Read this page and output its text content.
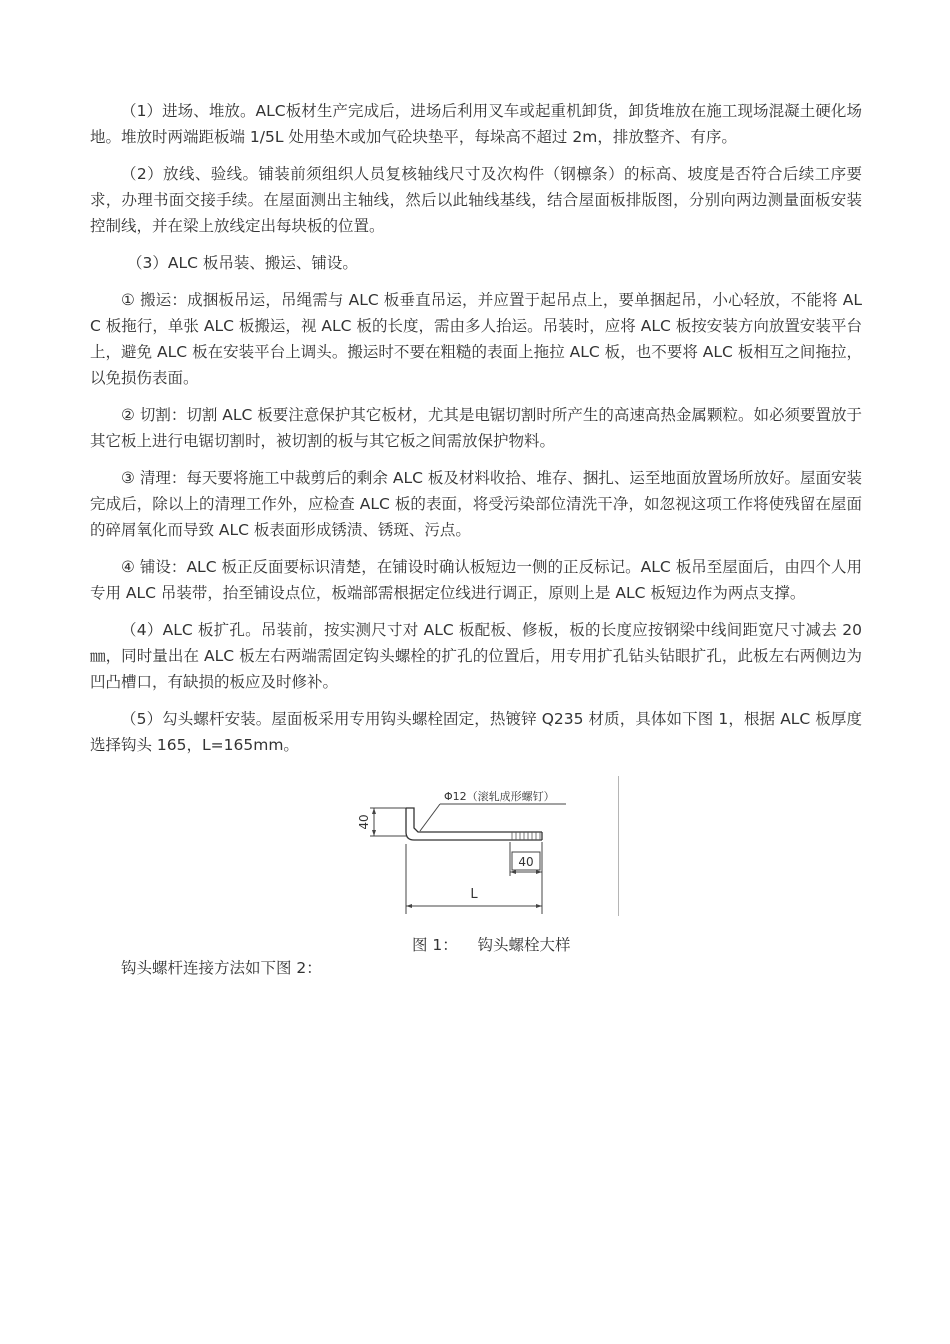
（1）进场、堆放。ALC板材生产完成后，进场后利用叉车或起重机卸货，卸货堆放在施工现场混凝土硬化场地。堆放时两端距板端 1/5L 处用垫木或加气砼块垫平，每垛高不超过 2m，排放整齐、有序。

（2）放线、验线。铺装前须组织人员复核轴线尺寸及次构件（钢檩条）的标高、坡度是否符合后续工序要求，办理书面交接手续。在屋面测出主轴线，然后以此轴线基线，结合屋面板排版图，分别向两边测量面板安装控制线，并在梁上放线定出每块板的位置。

（3）ALC 板吊装、搬运、铺设。

① 搬运：成捆板吊运，吊绳需与 ALC 板垂直吊运，并应置于起吊点上，要单捆起吊，小心轻放，不能将 ALC 板拖行，单张 ALC 板搬运，视 ALC 板的长度，需由多人抬运。吊装时，应将 ALC 板按安装方向放置安装平台上，避免 ALC 板在安装平台上调头。搬运时不要在粗糙的表面上拖拉 ALC 板，也不要将 ALC 板相互之间拖拉，以免损伤表面。

② 切割：切割 ALC 板要注意保护其它板材，尤其是电锯切割时所产生的高速高热金属颗粒。如必须要置放于其它板上进行电锯切割时，被切割的板与其它板之间需放保护物料。

③ 清理：每天要将施工中裁剪后的剩余 ALC 板及材料收拾、堆存、捆扎、运至地面放置场所放好。屋面安装完成后，除以上的清理工作外，应检查 ALC 板的表面，将受污染部位清洗干净，如忽视这项工作将使残留在屋面的碎屑氧化而导致 ALC 板表面形成锈渍、锈斑、污点。

④ 铺设：ALC 板正反面要标识清楚，在铺设时确认板短边一侧的正反标记。ALC 板吊至屋面后，由四个人用专用 ALC 吊装带，抬至铺设点位，板端部需根据定位线进行调正，原则上是 ALC 板短边作为两点支撑。

（4）ALC 板扩孔。吊装前，按实测尺寸对 ALC 板配板、修板，板的长度应按钢梁中线间距宽尺寸减去 20 ㎜，同时量出在 ALC 板左右两端需固定钩头螺栓的扩孔的位置后，用专用扩孔钻头钻眼扩孔，此板左右两侧边为凹凸槽口，有缺损的板应及时修补。

（5）勾头螺杆安装。屋面板采用专用钩头螺栓固定，热镀锌 Q235 材质，具体如下图 1，根据 ALC 板厚度选择钩头 165，L=165mm。

40
Φ12（滚轧成形螺钉）
40
L
图 1：    钩头螺栓大样

钩头螺杆连接方法如下图 2：
